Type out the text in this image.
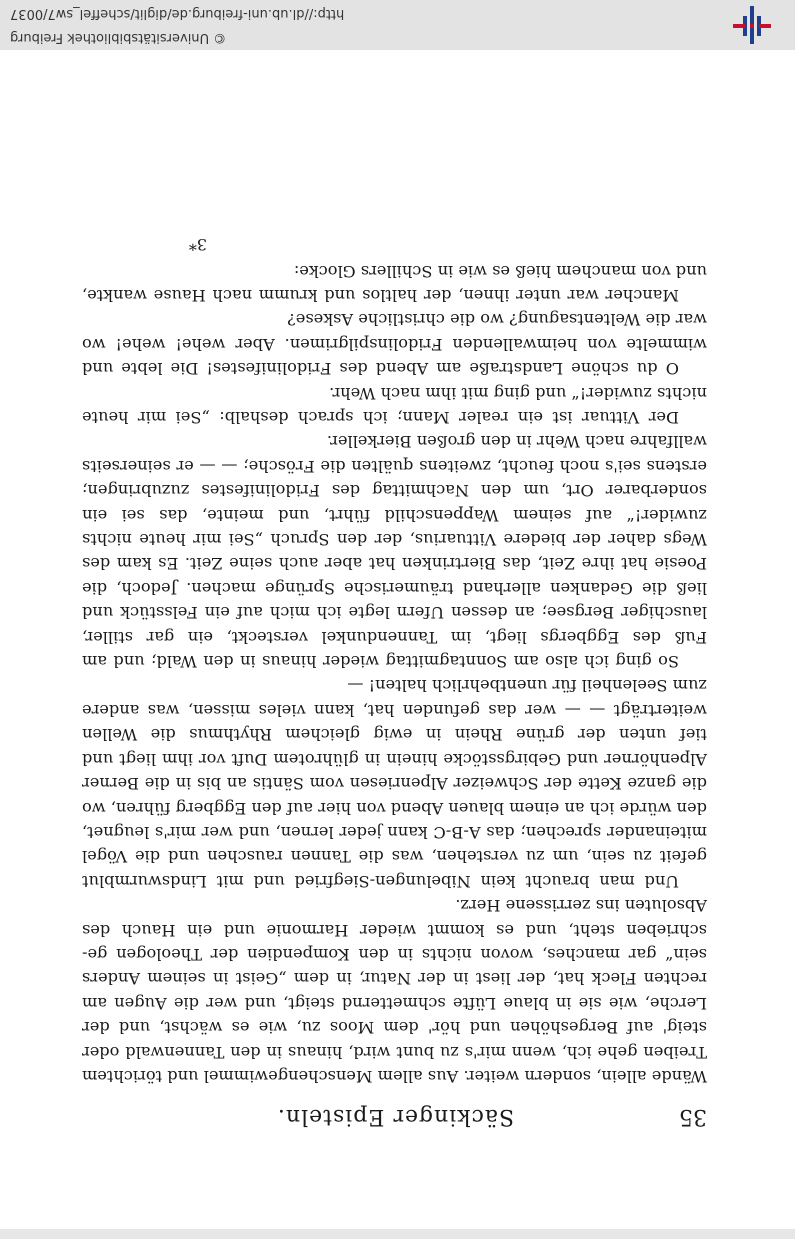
35
Säckinger Episteln.

Wände allein, sondern weiter. Aus allem Menschengewimmel und törichtem Treiben gehe ich, wenn mir's zu bunt wird, hinaus in den Tannenwald oder steig' auf Bergeshöhen und hör' dem Moos zu, wie es wächst, und der Lerche, wie sie in blaue Lüfte schmetternd steigt, und wer die Augen am rechten Fleck hat, der liest in der Natur, in dem „Geist in seinem Anders sein“ gar manches, wovon nichts in den Kompendien der Theologen geschrieben steht, und es kommt wieder Harmonie und ein Hauch des Absoluten ins zerrissene Herz.

Und man braucht kein Nibelungen-Siegfried und mit Lindswurmblut gefeit zu sein, um zu verstehen, was die Tannen rauschen und die Vögel miteinander sprechen; das A-B-C kann jeder lernen, und wer mir's leugnet, den würde ich an einem blauen Abend von hier auf den Eggberg führen, wo die ganze Kette der Schweizer Alpenriesen vom Säntis an bis in die Berner Alpenhörner und Gebirgsstöcke hinein in glührotem Duft vor ihm liegt und tief unten der grüne Rhein in ewig gleichem Rhythmus die Wellen weiterträgt — — wer das gefunden hat, kann vieles missen, was andere zum Seelenheil für unentbehrlich halten! —

So ging ich also am Sonntagmittag wieder hinaus in den Wald; und am Fuß des Eggbergs liegt, im Tannendunkel versteckt, ein gar stiller, lauschiger Bergsee; an dessen Ufern legte ich mich auf ein Felsstück und ließ die Gedanken allerhand träumerische Sprünge machen. Jedoch, die Poesie hat ihre Zeit, das Biertrinken hat aber auch seine Zeit. Es kam des Wegs daher der biedere Vittuarius, der den Spruch „Sei mir heute nichts zuwider!“ auf seinem Wappenschild führt, und meinte, das sei ein sonderbarer Ort, um den Nachmittag des Fridolinifestes zuzubringen; erstens sei's noch feucht, zweitens quälten die Frösche; — — er seinerseits wallfahre nach Wehr in den großen Bierkeller.

Der Vittuar ist ein realer Mann; ich sprach deshalb: „Sei mir heute nichts zuwider!“ und ging mit ihm nach Wehr.

O du schöne Landstraße am Abend des Fridolinifestes! Die lebte und wimmelte von heimwallenden Fridolinspilgrimen. Aber wehe! wehe! wo war die Weltentsagung? wo die christliche Askese?

Mancher war unter ihnen, der haltlos und krumm nach Hause wankte, und von manchem hieß es wie in Schillers Glocke:

3*
© Universitätsbibliothek Freiburg
http://dl.ub.uni-freiburg.de/diglit/scheffel_sw7/0037
